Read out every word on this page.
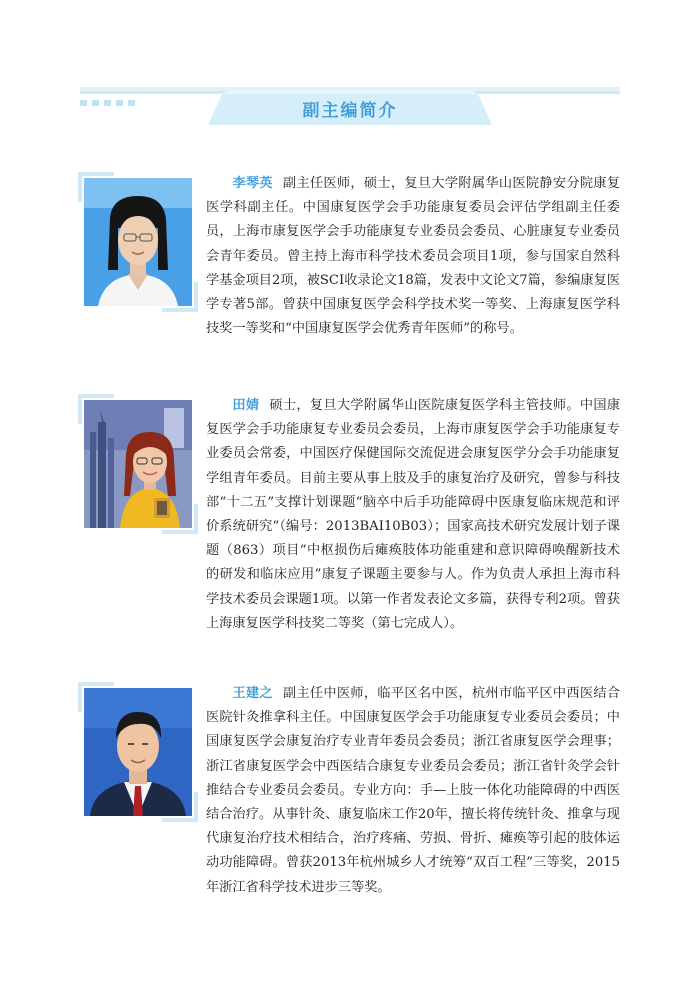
副主编简介
李琴英 副主任医师，硕士，复旦大学附属华山医院静安分院康复医学科副主任。中国康复医学会手功能康复委员会评估学组副主任委员，上海市康复医学会手功能康复专业委员会委员、心脏康复专业委员会青年委员。曾主持上海市科学技术委员会项目1项，参与国家自然科学基金项目2项，被SCI收录论文18篇，发表中文论文7篇，参编康复医学专著5部。曾获中国康复医学会科学技术奖一等奖、上海康复医学科技奖一等奖和“中国康复医学会优秀青年医师”的称号。
田婧 硕士，复旦大学附属华山医院康复医学科主管技师。中国康复医学会手功能康复专业委员会委员，上海市康复医学会手功能康复专业委员会常委，中国医疗保健国际交流促进会康复医学分会手功能康复学组青年委员。目前主要从事上肢及手的康复治疗及研究，曾参与科技部“十二五”支撑计划课题“脑卒中后手功能障碍中医康复临床规范和评价系统研究”（编号：2013BAI10B03）；国家高技术研究发展计划子课题（863）项目“中枢损伤后瘫痪肢体功能重建和意识障碍唤醒新技术的研发和临床应用”康复子课题主要参与人。作为负责人承担上海市科学技术委员会课题1项。以第一作者发表论文多篇，获得专利2项。曾获上海康复医学科技奖二等奖（第七完成人）。
王建之 副主任中医师，临平区名中医，杭州市临平区中西医结合医院针灸推拿科主任。中国康复医学会手功能康复专业委员会委员；中国康复医学会康复治疗专业青年委员会委员；浙江省康复医学会理事；浙江省康复医学会中西医结合康复专业委员会委员；浙江省针灸学会针推结合专业委员会委员。专业方向：手—上肢一体化功能障碍的中西医结合治疗。从事针灸、康复临床工作20年，擅长将传统针灸、推拿与现代康复治疗技术相结合，治疗疼痛、劳损、骨折、瘫痪等引起的肢体运动功能障碍。曾获2013年杭州城乡人才统筹“双百工程”三等奖，2015年浙江省科学技术进步三等奖。
